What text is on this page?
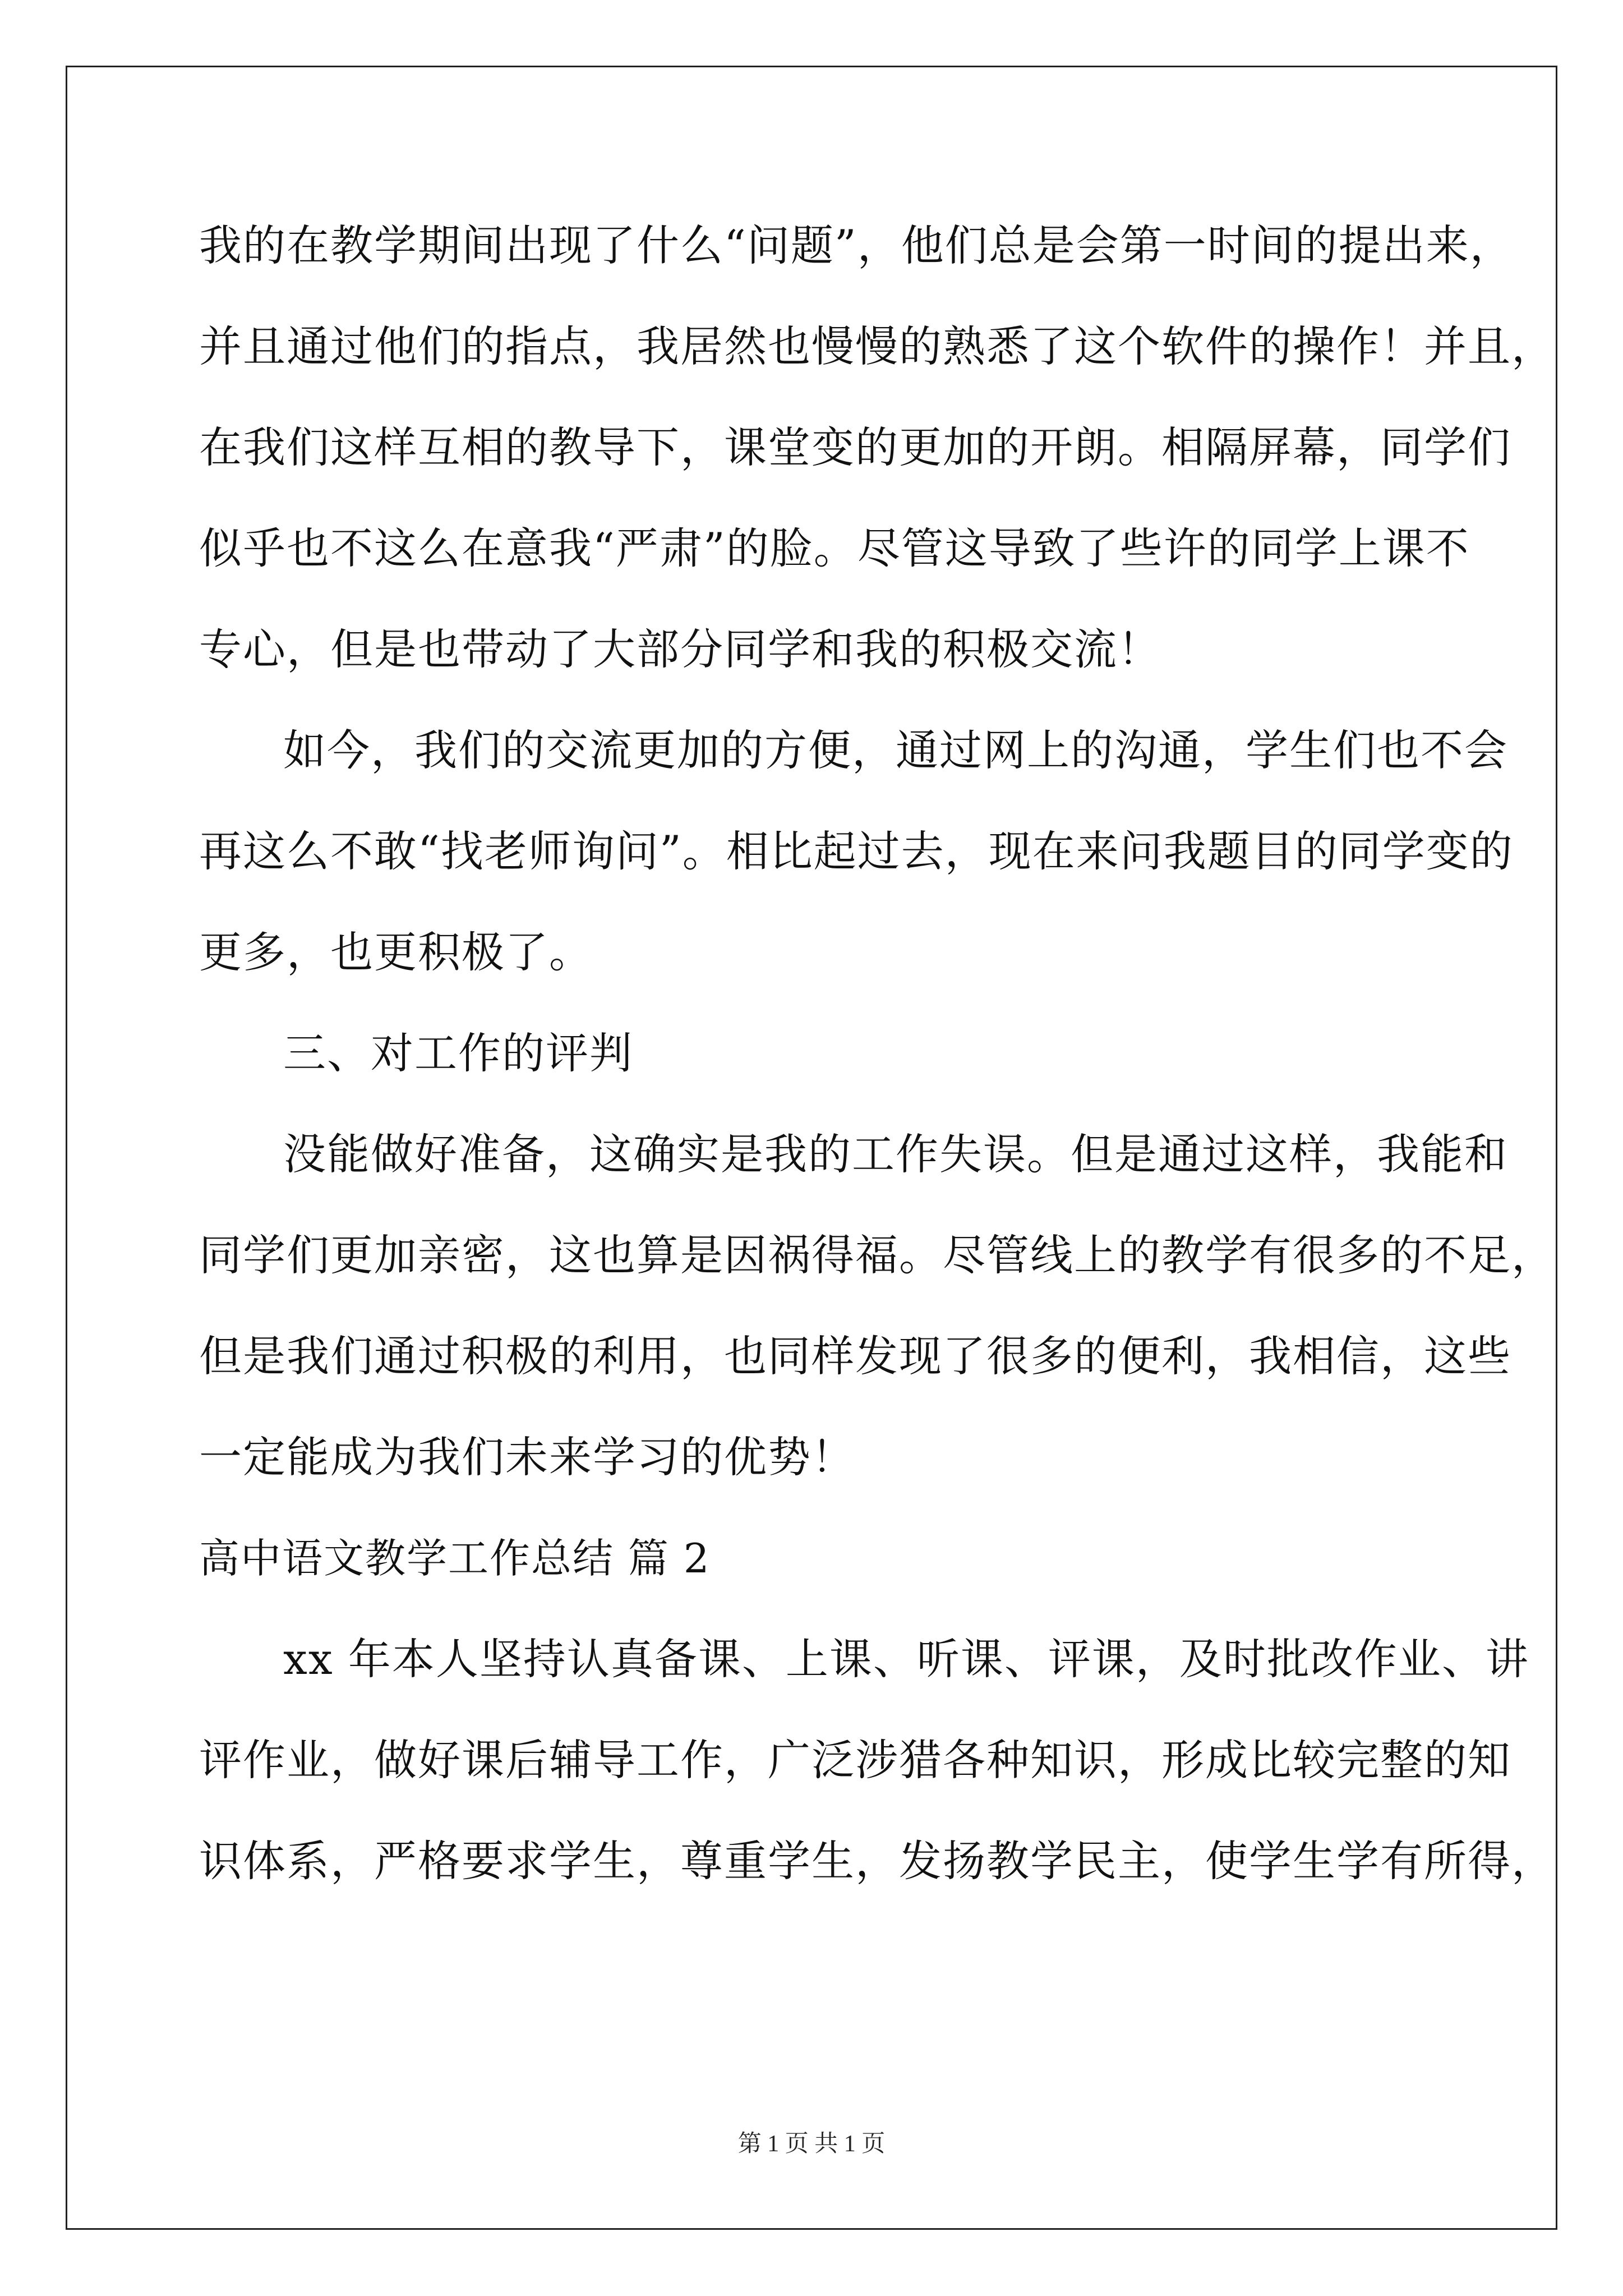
我的在教学期间出现了什么“问题”，他们总是会第一时间的提出来，
并且通过他们的指点，我居然也慢慢的熟悉了这个软件的操作！并且，
在我们这样互相的教导下，课堂变的更加的开朗。相隔屏幕，同学们
似乎也不这么在意我“严肃”的脸。尽管这导致了些许的同学上课不
专心，但是也带动了大部分同学和我的积极交流！
如今，我们的交流更加的方便，通过网上的沟通，学生们也不会
再这么不敢“找老师询问”。相比起过去，现在来问我题目的同学变的
更多，也更积极了。
三、对工作的评判
没能做好准备，这确实是我的工作失误。但是通过这样，我能和
同学们更加亲密，这也算是因祸得福。尽管线上的教学有很多的不足，
但是我们通过积极的利用，也同样发现了很多的便利，我相信，这些
一定能成为我们未来学习的优势！
高中语文教学工作总结 篇 2
xx 年本人坚持认真备课、上课、听课、评课，及时批改作业、讲
评作业，做好课后辅导工作，广泛涉猎各种知识，形成比较完整的知
识体系，严格要求学生，尊重学生，发扬教学民主，使学生学有所得，
第 1 页 共 1 页
